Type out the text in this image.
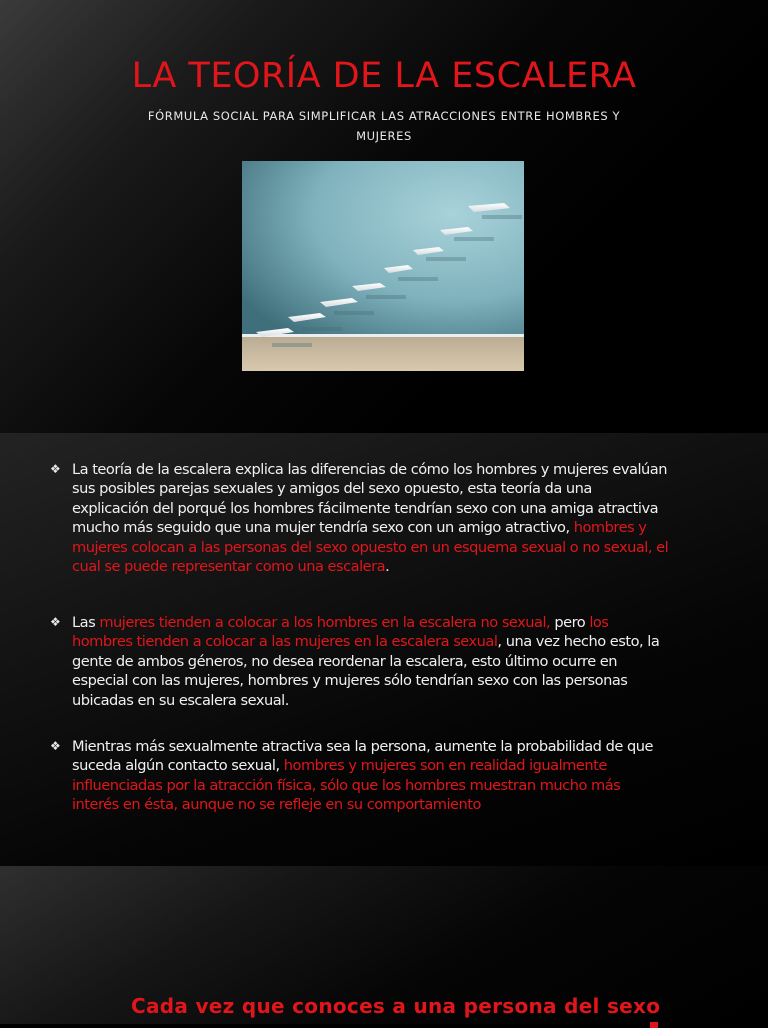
LA TEORÍA DE LA ESCALERA
FÓRMULA SOCIAL PARA SIMPLIFICAR LAS ATRACCIONES ENTRE HOMBRES Y MUJERES
❖ La teoría de la escalera explica las diferencias de cómo los hombres y mujeres evalúan sus posibles parejas sexuales y amigos del sexo opuesto, esta teoría da una explicación del porqué los hombres fácilmente tendrían sexo con una amiga atractiva mucho más seguido que una mujer tendría sexo con un amigo atractivo, hombres y mujeres colocan a las personas del sexo opuesto en un esquema sexual o no sexual, el cual se puede representar como una escalera.
❖ Las mujeres tienden a colocar a los hombres en la escalera no sexual, pero los hombres tienden a colocar a las mujeres en la escalera sexual, una vez hecho esto, la gente de ambos géneros, no desea reordenar la escalera, esto último ocurre en especial con las mujeres, hombres y mujeres sólo tendrían sexo con las personas ubicadas en su escalera sexual.
❖ Mientras más sexualmente atractiva sea la persona, aumente la probabilidad de que suceda algún contacto sexual, hombres y mujeres son en realidad igualmente influenciadas por la atracción física, sólo que los hombres muestran mucho más interés en ésta, aunque no se refleje en su comportamiento
Cada vez que conoces a una persona del sexo
